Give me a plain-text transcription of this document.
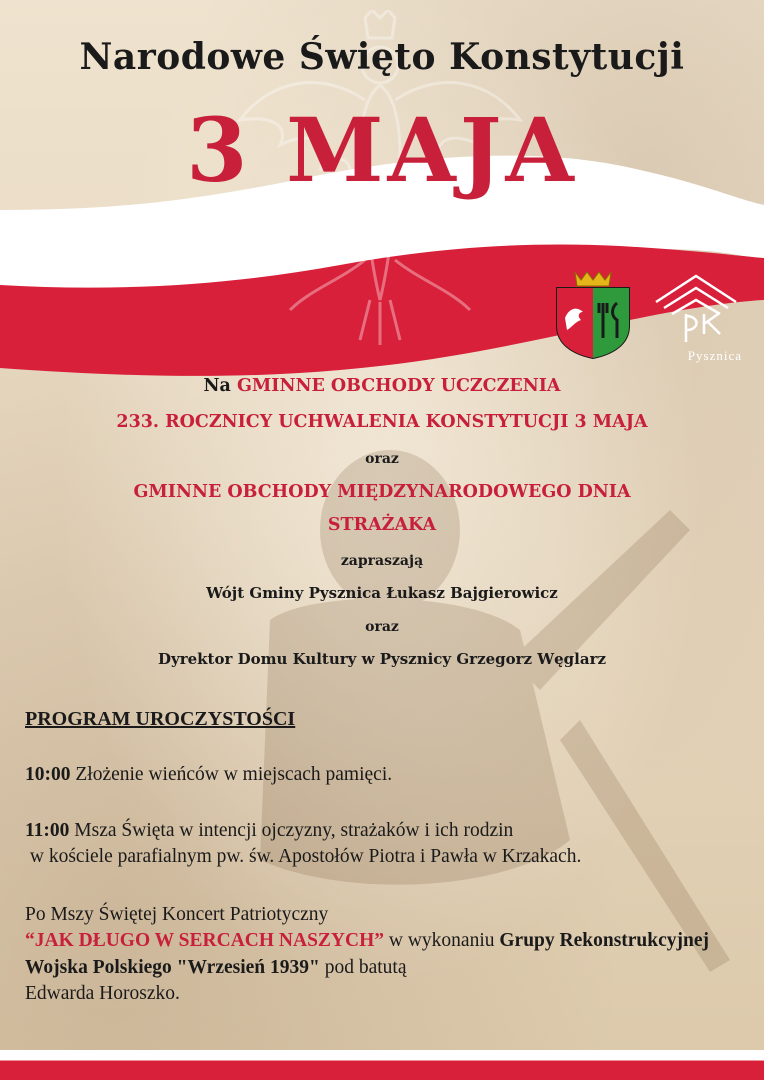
Narodowe Święto Konstytucji
3 MAJA
Pysznica
Na GMINNE OBCHODY UCZCZENIA
233. ROCZNICY UCHWALENIA KONSTYTUCJI 3 MAJA
oraz
GMINNE OBCHODY MIĘDZYNARODOWEGO DNIA
STRAŻAKA
zapraszają
Wójt Gminy Pysznica Łukasz Bajgierowicz
oraz
Dyrektor Domu Kultury w Pysznicy Grzegorz Węglarz
PROGRAM UROCZYSTOŚCI
10:00 Złożenie wieńców w miejscach pamięci.
11:00 Msza Święta w intencji ojczyzny, strażaków i ich rodzin
w kościele parafialnym pw. św. Apostołów Piotra i Pawła w Krzakach.
Po Mszy Świętej Koncert Patriotyczny
“JAK DŁUGO W SERCACH NASZYCH” w wykonaniu Grupy Rekonstrukcyjnej Wojska Polskiego "Wrzesień 1939" pod batutą
Edwarda Horoszko.
